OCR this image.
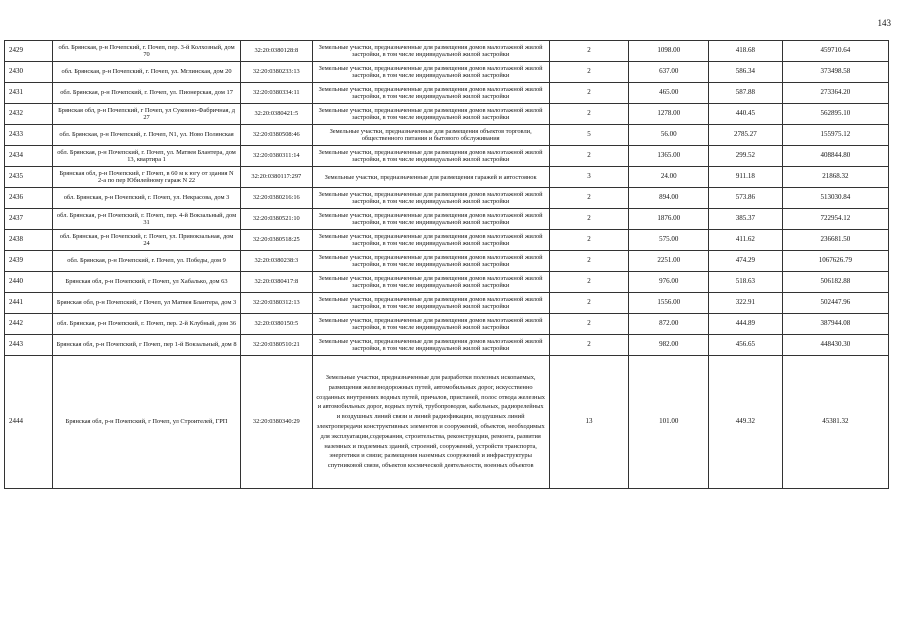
143
2429	обл. Брянская, р-н Почепский, г. Почеп, пер. 3-й Колхозный, дом 70	32:20:0380128:8	Земельные участки, предназначенные для размещения домов малоэтажной жилой застройки, в том числе индивидуальной жилой застройки	2	1098.00	418.68	459710.64
2430	обл. Брянская, р-н Почепский, г. Почеп, ул. Мглинская, дом 20	32:20:0380233:13	Земельные участки, предназначенные для размещения домов малоэтажной жилой застройки, в том числе индивидуальной жилой застройки	2	637.00	586.34	373498.58
2431	обл. Брянская, р-н Почепский, г. Почеп, ул. Пионерская, дом 17	32:20:0380334:11	Земельные участки, предназначенные для размещения домов малоэтажной жилой застройки, в том числе индивидуальной жилой застройки	2	465.00	587.88	273364.20
2432	Брянская обл, р-н Почепский, г Почеп, ул Суконно-Фабричная, д 27	32:20:0380421:5	Земельные участки, предназначенные для размещения домов малоэтажной жилой застройки, в том числе индивидуальной жилой застройки	2	1278.00	440.45	562895.10
2433	обл. Брянская, р-н Почепский, г. Почеп, N1, ул. Ново Полянская	32:20:0380508:46	Земельные участки, предназначенные для размещения объектов торговли, общественного питания и бытового обслуживания	5	56.00	2785.27	155975.12
2434	обл. Брянская, р-н Почепский, г. Почеп, ул. Матвея Блантера, дом 13, квартира 1	32:20:0380311:14	Земельные участки, предназначенные для размещения домов малоэтажной жилой застройки, в том числе индивидуальной жилой застройки	2	1365.00	299.52	408844.80
2435	Брянская обл, р-н Почепский, г Почеп, в 60 м к югу от здания N 2-а по пер Юбилейному гараж N 22	32:20:0380117:297	Земельные участки, предназначенные для размещения гаражей и автостоянок	3	24.00	911.18	21868.32
2436	обл. Брянская, р-н Почепский, г. Почеп, ул. Некрасова, дом 3	32:20:0380216:16	Земельные участки, предназначенные для размещения домов малоэтажной жилой застройки, в том числе индивидуальной жилой застройки	2	894.00	573.86	513030.84
2437	обл. Брянская, р-н Почепский, г. Почеп, пер. 4-й Вокзальный, дом 31	32:20:0380521:10	Земельные участки, предназначенные для размещения домов малоэтажной жилой застройки, в том числе индивидуальной жилой застройки	2	1876.00	385.37	722954.12
2438	обл. Брянская, р-н Почепский, г. Почеп, ул. Привокзальная, дом 24	32:20:0380518:25	Земельные участки, предназначенные для размещения домов малоэтажной жилой застройки, в том числе индивидуальной жилой застройки	2	575.00	411.62	236681.50
2439	обл. Брянская, р-н Почепский, г. Почеп, ул. Победы, дом 9	32:20:0380238:3	Земельные участки, предназначенные для размещения домов малоэтажной жилой застройки, в том числе индивидуальной жилой застройки	2	2251.00	474.29	1067626.79
2440	Брянская обл, р-н Почепский, г Почеп, ул Хабалько, дом 63	32:20:0380417:8	Земельные участки, предназначенные для размещения домов малоэтажной жилой застройки, в том числе индивидуальной жилой застройки	2	976.00	518.63	506182.88
2441	Брянская обл, р-н Почепский, г Почеп, ул Матвея Блантера, дом 3	32:20:0380312:13	Земельные участки, предназначенные для размещения домов малоэтажной жилой застройки, в том числе индивидуальной жилой застройки	2	1556.00	322.91	502447.96
2442	обл. Брянская, р-н Почепский, г. Почеп, пер. 2-й Клубный, дом 36	32:20:0380150:5	Земельные участки, предназначенные для размещения домов малоэтажной жилой застройки, в том числе индивидуальной жилой застройки	2	872.00	444.89	387944.08
2443	Брянская обл, р-н Почепский, г Почеп, пер 1-й Вокзальный, дом 8	32:20:0380510:21	Земельные участки, предназначенные для размещения домов малоэтажной жилой застройки, в том числе индивидуальной жилой застройки	2	982.00	456.65	448430.30
2444	Брянская обл, р-н Почепский, г Почеп, ул Строителей, ГРП	32:20:0380340:29	Земельные участки, предназначенные для разработки полезных ископаемых, размещения железнодорожных путей, автомобильных дорог, искусственно созданных внутренних водных путей, причалов, пристаней, полос отвода железных и автомобильных дорог, водных путей, трубопроводов, кабельных, радиорелейных и воздушных линий связи и линий радиофикации, воздушных линий электропередачи конструктивных элементов и сооружений, объектов, необходимых для эксплуатации,содержания, строительства, реконструкции, ремонта, развития наземных и подземных зданий, строений, сооружений, устройств транспорта, энергетики и связи; размещения наземных сооружений и инфраструктуры спутниковой связи, объектов космической деятельности, военных объектов	13	101.00	449.32	45381.32
